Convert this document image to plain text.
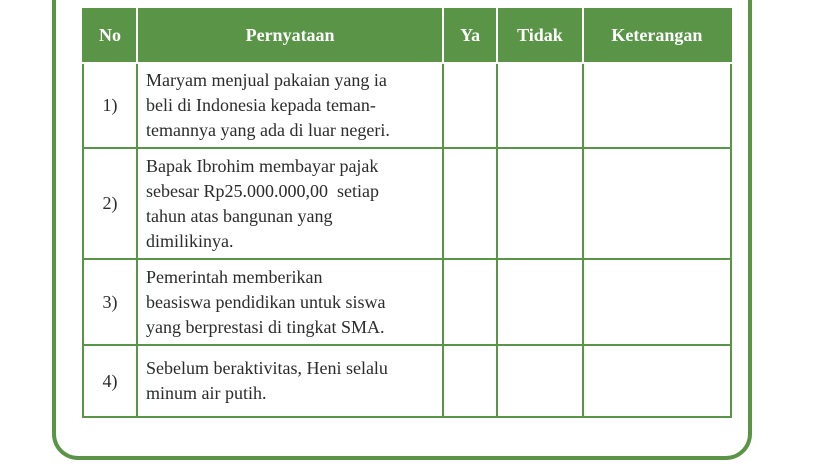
No	Pernyataan	Ya	Tidak	Keterangan
1)	Maryam menjual pakaian yang ia
beli di Indonesia kepada teman-
temannya yang ada di luar negeri.			

2)	Bapak Ibrohim membayar pajak
sebesar Rp25.000.000,00  setiap
tahun atas bangunan yang
dimilikinya.			

3)	Pemerintah memberikan
beasiswa pendidikan untuk siswa
yang berprestasi di tingkat SMA.			

4)	Sebelum beraktivitas, Heni selalu
minum air putih.			
